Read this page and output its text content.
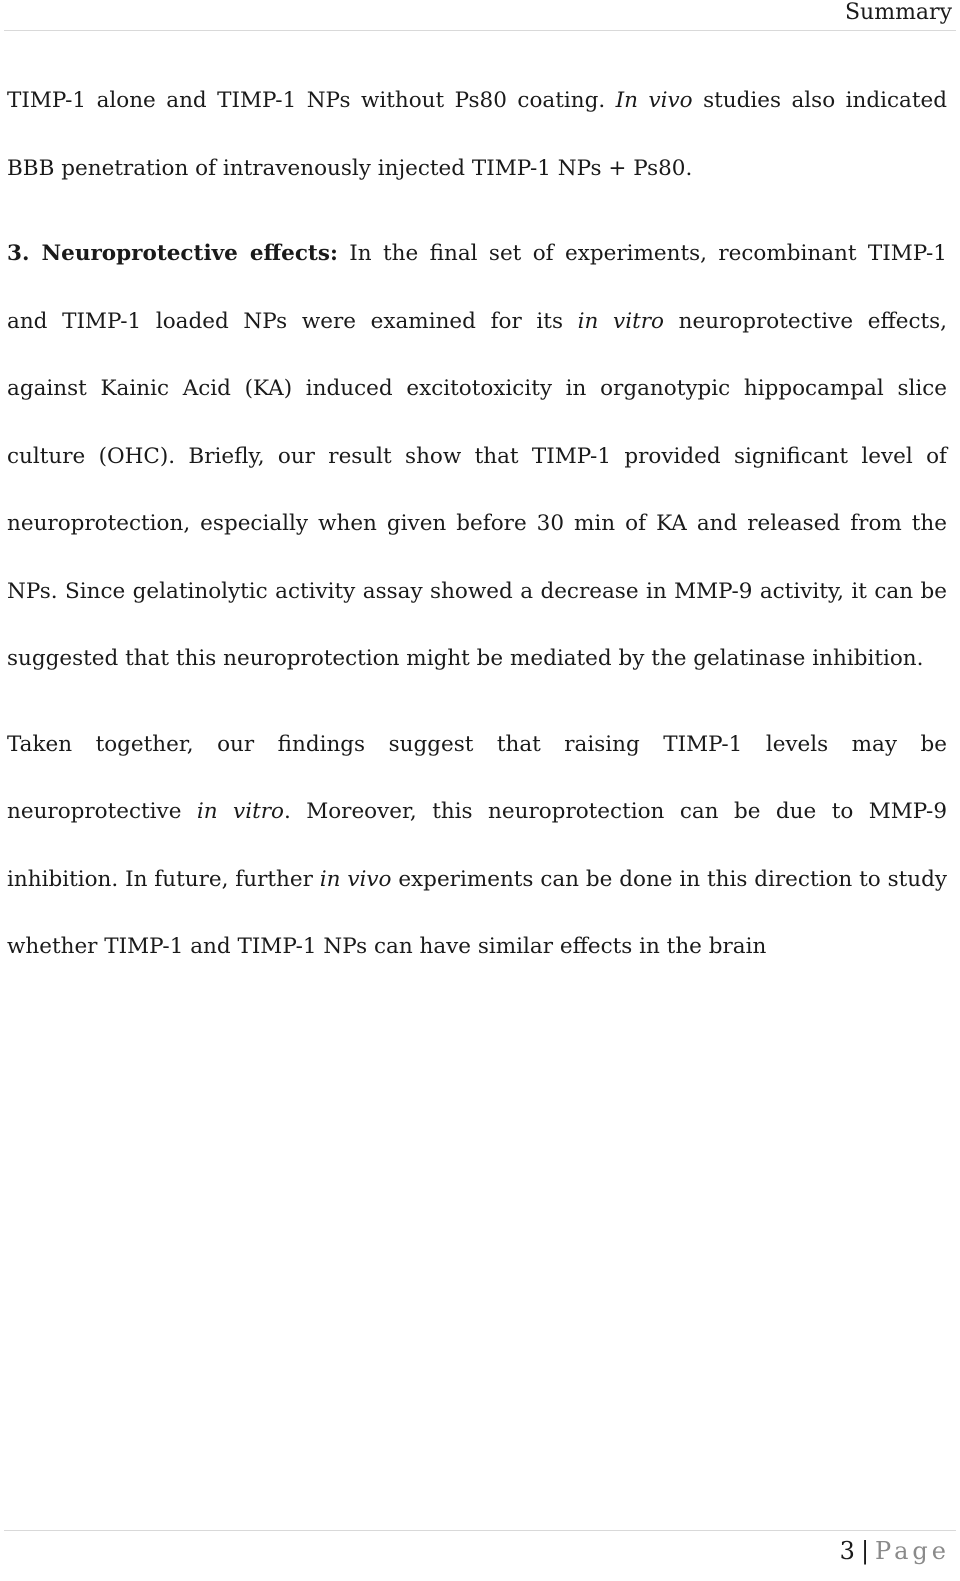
Summary

TIMP-1 alone and TIMP-1 NPs without Ps80 coating. In vivo studies also indicated BBB penetration of intravenously injected TIMP-1 NPs + Ps80.

3. Neuroprotective effects: In the final set of experiments, recombinant TIMP-1 and TIMP-1 loaded NPs were examined for its in vitro neuroprotective effects, against Kainic Acid (KA) induced excitotoxicity in organotypic hippocampal slice culture (OHC). Briefly, our result show that TIMP-1 provided significant level of neuroprotection, especially when given before 30 min of KA and released from the NPs. Since gelatinolytic activity assay showed a decrease in MMP-9 activity, it can be suggested that this neuroprotection might be mediated by the gelatinase inhibition.

Taken together, our findings suggest that raising TIMP-1 levels may be neuroprotective in vitro. Moreover, this neuroprotection can be due to MMP-9 inhibition. In future, further in vivo experiments can be done in this direction to study whether TIMP-1 and TIMP-1 NPs can have similar effects in the brain

3 | Page
